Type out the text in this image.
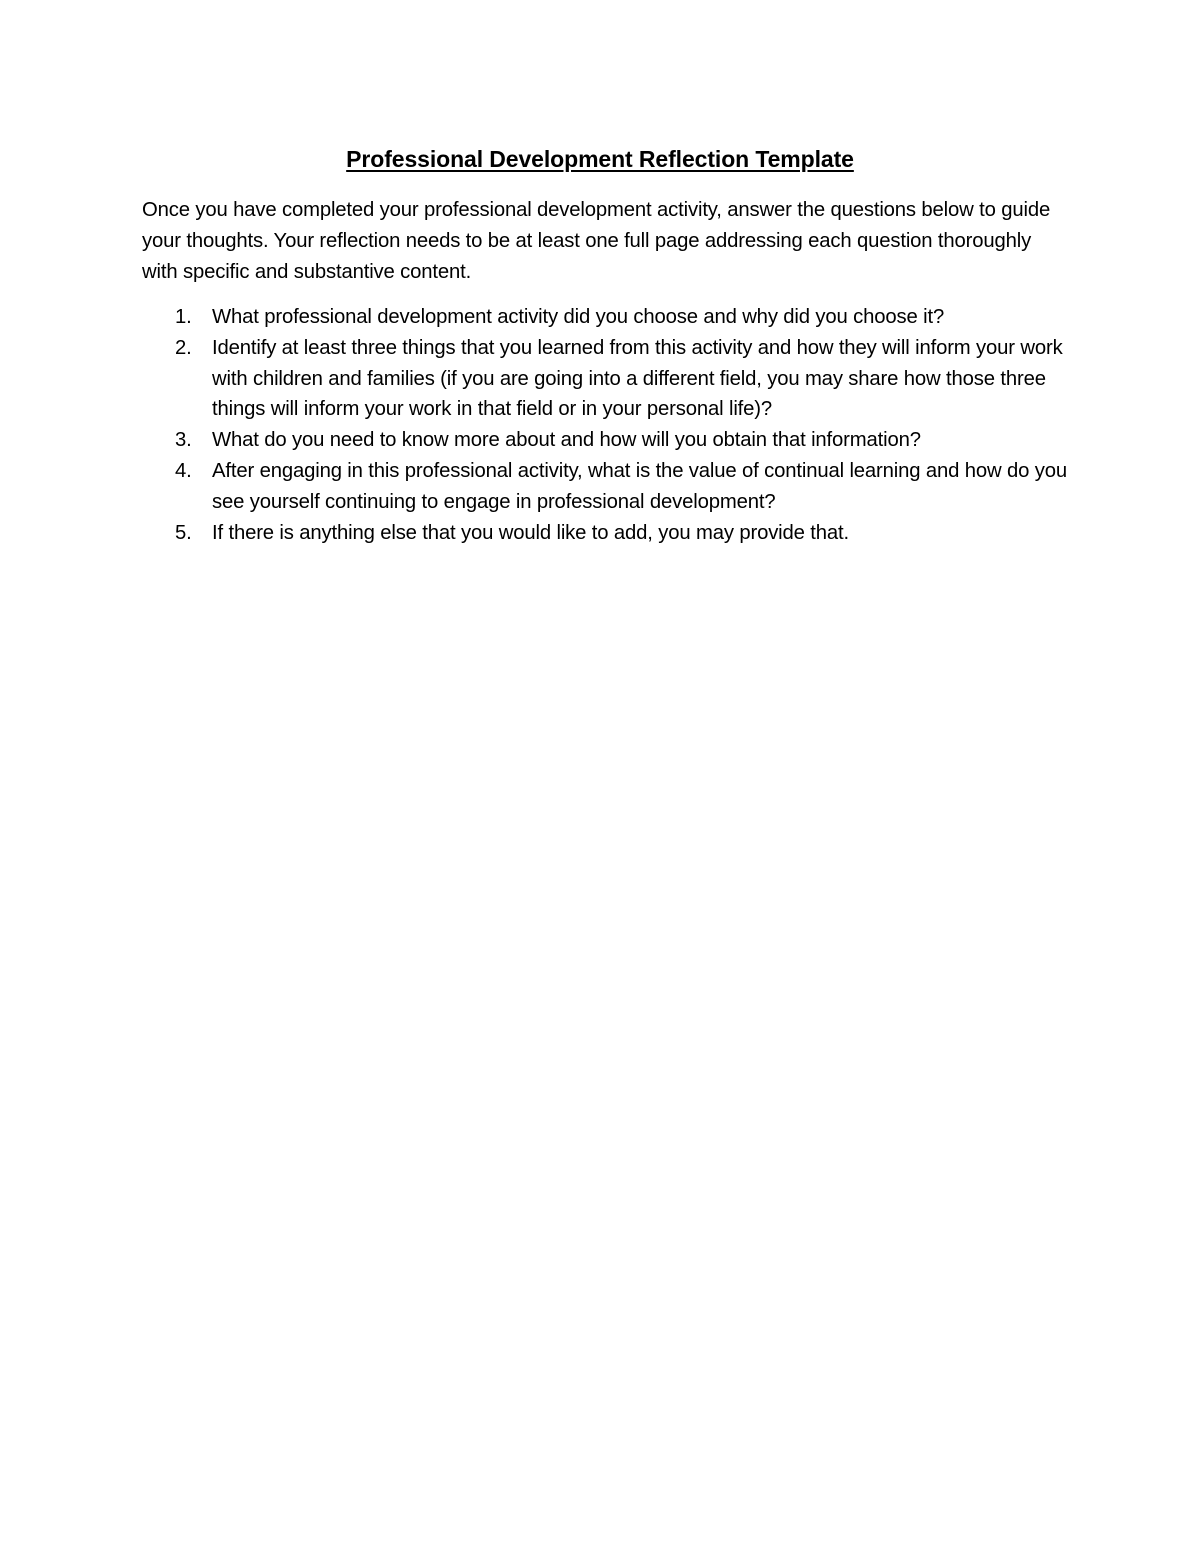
Professional Development Reflection Template

Once you have completed your professional development activity, answer the questions below to guide your thoughts. Your reflection needs to be at least one full page addressing each question thoroughly with specific and substantive content.

1. What professional development activity did you choose and why did you choose it?
2. Identify at least three things that you learned from this activity and how they will inform your work with children and families (if you are going into a different field, you may share how those three things will inform your work in that field or in your personal life)?
3. What do you need to know more about and how will you obtain that information?
4. After engaging in this professional activity, what is the value of continual learning and how do you see yourself continuing to engage in professional development?
5. If there is anything else that you would like to add, you may provide that.
